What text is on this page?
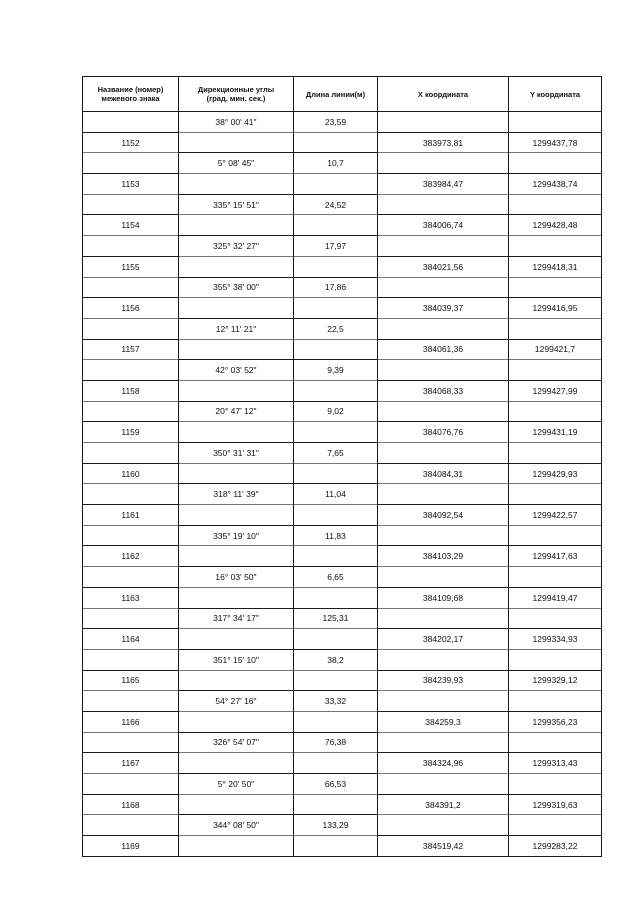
Название (номер)
межевого знака	Дирекционные углы
(град. мин. сек.)	Длина линии(м)	Х координата	Y координата
	38° 00' 41"	23,59		
1152			383973,81	1299437,78
	5° 08' 45"	10,7		
1153			383984,47	1299438,74
	335° 15' 51"	24,52		
1154			384006,74	1299428,48
	325° 32' 27"	17,97		
1155			384021,56	1299418,31
	355° 38' 00"	17,86		
1156			384039,37	1299416,95
	12° 11' 21"	22,5		
1157			384061,36	1299421,7
	42° 03' 52"	9,39		
1158			384068,33	1299427,99
	20° 47' 12"	9,02		
1159			384076,76	1299431,19
	350° 31' 31"	7,65		
1160			384084,31	1299429,93
	318° 11' 39"	11,04		
1161			384092,54	1299422,57
	335° 19' 10"	11,83		
1162			384103,29	1299417,63
	16° 03' 50"	6,65		
1163			384109,68	1299419,47
	317° 34' 17"	125,31		
1164			384202,17	1299334,93
	351° 15' 10"	38,2		
1165			384239,93	1299329,12
	54° 27' 16"	33,32		
1166			384259,3	1299356,23
	326° 54' 07"	76,38		
1167			384324,96	1299313,43
	5° 20' 50"	66,53		
1168			384391,2	1299319,63
	344° 08' 50"	133,29		
1169			384519,42	1299283,22
